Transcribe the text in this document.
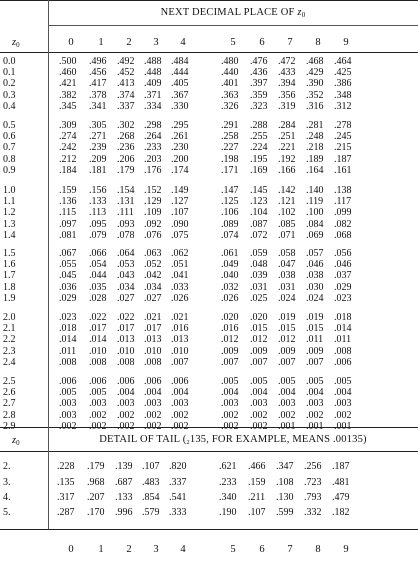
NEXT DECIMAL PLACE OF $z_0$
$z_0$	0	1	2	3	4	5	6	7	8	9
0.0	.500 .496 .492 .488 .484	.480 .476 .472 .468 .464
0.1	.460 .456 .452 .448 .444	.440 .436 .433 .429 .425
0.2	.421 .417 .413 .409 .405	.401 .397 .394 .390 .386
0.3	.382 .378 .374 .371 .367	.363 .359 .356 .352 .348
0.4	.345 .341 .337 .334 .330	.326 .323 .319 .316 .312
0.5	.309 .305 .302 .298 .295	.291 .288 .284 .281 .278
0.6	.274 .271 .268 .264 .261	.258 .255 .251 .248 .245
0.7	.242 .239 .236 .233 .230	.227 .224 .221 .218 .215
0.8	.212 .209 .206 .203 .200	.198 .195 .192 .189 .187
0.9	.184 .181 .179 .176 .174	.171 .169 .166 .164 .161
1.0	.159 .156 .154 .152 .149	.147 .145 .142 .140 .138
1.1	.136 .133 .131 .129 .127	.125 .123 .121 .119 .117
1.2	.115 .113 .111 .109 .107	.106 .104 .102 .100 .099
1.3	.097 .095 .093 .092 .090	.089 .087 .085 .084 .082
1.4	.081 .079 .078 .076 .075	.074 .072 .071 .069 .068
1.5	.067 .066 .064 .063 .062	.061 .059 .058 .057 .056
1.6	.055 .054 .053 .052 .051	.049 .048 .047 .046 .046
1.7	.045 .044 .043 .042 .041	.040 .039 .038 .038 .037
1.8	.036 .035 .034 .034 .033	.032 .031 .031 .030 .029
1.9	.029 .028 .027 .027 .026	.026 .025 .024 .024 .023
2.0	.023 .022 .022 .021 .021	.020 .020 .019 .019 .018
2.1	.018 .017 .017 .017 .016	.016 .015 .015 .015 .014
2.2	.014 .014 .013 .013 .013	.012 .012 .012 .011 .011
2.3	.011 .010 .010 .010 .010	.009 .009 .009 .009 .008
2.4	.008 .008 .008 .008 .007	.007 .007 .007 .007 .006
2.5	.006 .006 .006 .006 .006	.005 .005 .005 .005 .005
2.6	.005 .005 .004 .004 .004	.004 .004 .004 .004 .004
2.7	.003 .003 .003 .003 .003	.003 .003 .003 .003 .003
2.8	.003 .002 .002 .002 .002	.002 .002 .002 .002 .002
2.9	.002 .002 .002 .002 .002	.002 .002 .001 .001 .001
$z_0$	DETAIL OF TAIL (2135, FOR EXAMPLE, MEANS .00135)
2.	.228 .179 .139 .107 .820	.621 .466 .347 .256 .187
3.	.135 .968 .687 .483 .337	.233 .159 .108 .723 .481
4.	.317 .207 .133 .854 .541	.340 .211 .130 .793 .479
5.	.287 .170 .996 .579 .333	.190 .107 .599 .332 .182
0	1	2	3	4	5	6	7	8	9
